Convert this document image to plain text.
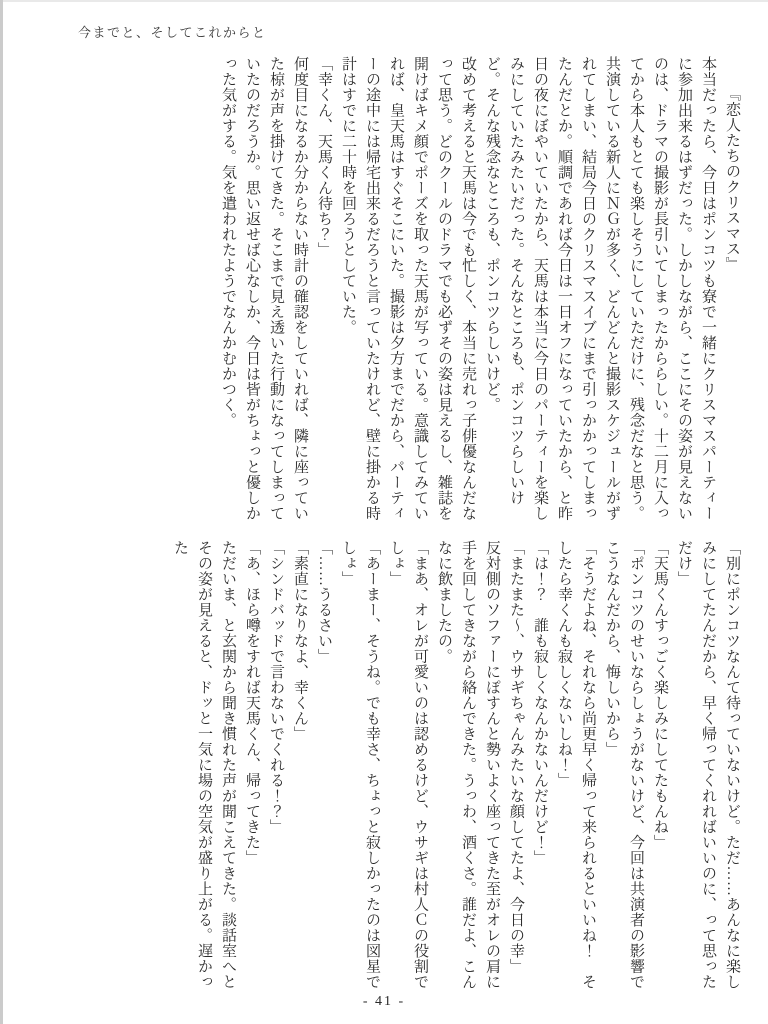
今までと、そしてこれからと

『恋人たちのクリスマス』

本当だったら、今日はポンコツも寮で一緒にクリスマスパーティーに参加出来るはずだった。しかしながら、ここにその姿が見えないのは、ドラマの撮影が長引いてしまったかららしい。十二月に入ってから本人もとても楽しそうにしていただけに、残念だなと思う。

共演している新人にＮＧが多く、どんどんと撮影スケジュールがずれてしまい、結局今日のクリスマスイブにまで引っかかってしまったんだとか。順調であれば今日は一日オフになっていたから、と昨日の夜にぼやいていたから、天馬は本当に今日のパーティーを楽しみにしていたみたいだった。そんなところも、ポンコツらしいけど。そんな残念なところも、ポンコツらしいけど。

改めて考えると天馬は今でも忙しく、本当に売れっ子俳優なんだなって思う。どのクールのドラマでも必ずその姿は見えるし、雑誌を開けばキメ顔でポーズを取った天馬が写っている。意識してみていれば、皇天馬はすぐそこにいた。撮影は夕方までだから、パーティーの途中には帰宅出来るだろうと言っていたけれど、壁に掛かる時計はすでに二十時を回ろうとしていた。

「幸くん、天馬くん待ち？」

何度目になるか分からない時計の確認をしていれば、隣に座っていた椋が声を掛けてきた。そこまで見え透いた行動になってしまっていたのだろうか。思い返せば心なしか、今日は皆がちょっと優しかった気がする。気を遣われたようでなんかむかつく。

「別にポンコツなんて待っていないけど。ただ……あんなに楽しみにしてたんだから、早く帰ってくれればいいのに、って思っただけ」

「天馬くんすっごく楽しみにしてたもんね」

「ポンコツのせいならしょうがないけど、今回は共演者の影響でこうなんだから、悔しいから」

「そうだよね、それなら尚更早く帰って来られるといいね！　そしたら幸くんも寂しくないしね！」

「は！？　誰も寂しくなんかないんだけど！」

「またまた～、ウサギちゃんみたいな顔してたよ、今日の幸」

反対側のソファーにぽすんと勢いよく座ってきた至がオレの肩に手を回してきながら絡んできた。うっわ、酒くさ。誰だよ、こんなに飲ましたの。

「まあ、オレが可愛いのは認めるけど、ウサギは村人Ｃの役割でしょ」

「あーまー、そうね。でも幸さ、ちょっと寂しかったのは図星でしょ」

「……うるさい」

「素直になりなよ、幸くん」

「シンドバッドで言わないでくれる！？」

「あ、ほら噂をすれば天馬くん、帰ってきた」

ただいま、と玄関から聞き慣れた声が聞こえてきた。談話室へとその姿が見えると、ドッと一気に場の空気が盛り上がる。遅かった

- 41 -
